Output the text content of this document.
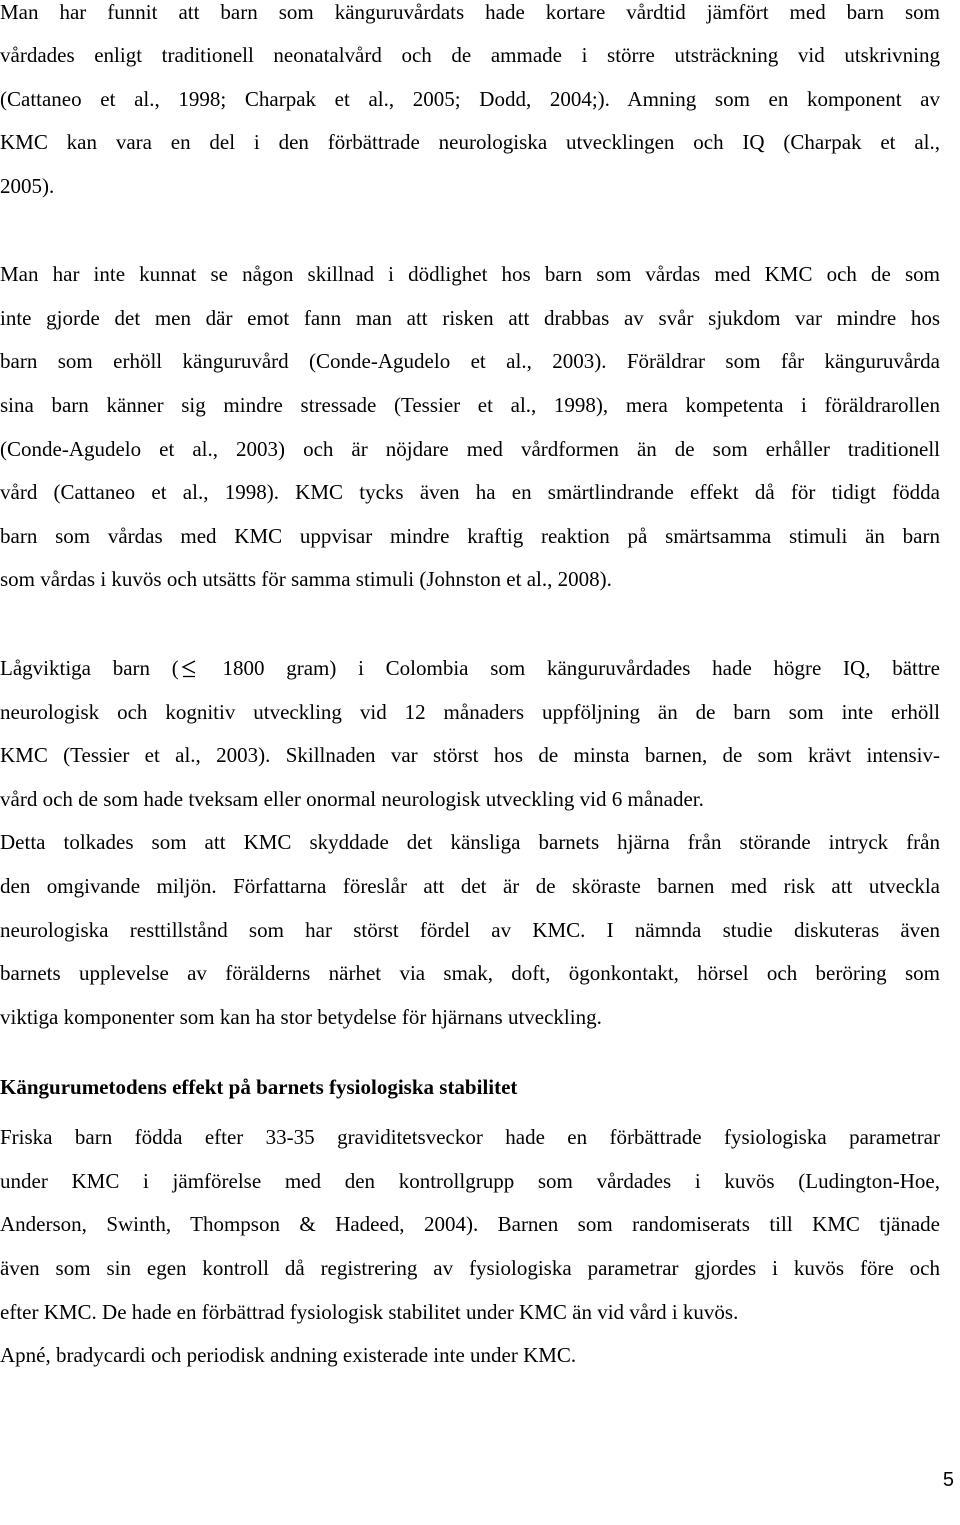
Man har funnit att barn som känguruvårdats hade kortare vårdtid jämfört med barn som

vårdades enligt traditionell neonatalvård och de ammade i större utsträckning vid utskrivning

(Cattaneo et al., 1998; Charpak et al., 2005; Dodd, 2004;). Amning som en komponent av

KMC kan vara en del i den förbättrade neurologiska utvecklingen och IQ (Charpak et al.,

2005).

Man har inte kunnat se någon skillnad i dödlighet hos barn som vårdas med KMC och de som

inte gjorde det men där emot fann man att risken att drabbas av svår sjukdom var mindre hos

barn som erhöll känguruvård (Conde-Agudelo et al., 2003). Föräldrar som får känguruvårda

sina barn känner sig mindre stressade (Tessier et al., 1998), mera kompetenta i föräldrarollen

(Conde-Agudelo et al., 2003) och är nöjdare med vårdformen än de som erhåller traditionell

vård (Cattaneo et al., 1998). KMC tycks även ha en smärtlindrande effekt då för tidigt födda

barn som vårdas med KMC uppvisar mindre kraftig reaktion på smärtsamma stimuli än barn

som vårdas i kuvös och utsätts för samma stimuli (Johnston et al., 2008).

Lågviktiga barn (
1800 gram) i Colombia som känguruvårdades hade högre IQ, bättre

neurologisk och kognitiv utveckling vid 12 månaders uppföljning än de barn som inte erhöll

KMC (Tessier et al., 2003). Skillnaden var störst hos de minsta barnen, de som krävt intensiv-

vård och de som hade tveksam eller onormal neurologisk utveckling vid 6 månader.

Detta tolkades som att KMC skyddade det känsliga barnets hjärna från störande intryck från

den omgivande miljön. Författarna föreslår att det är de sköraste barnen med risk att utveckla

neurologiska resttillstånd som har störst fördel av KMC. I nämnda studie diskuteras även

barnets upplevelse av förälderns närhet via smak, doft, ögonkontakt, hörsel och beröring som

viktiga komponenter som kan ha stor betydelse för hjärnans utveckling.

Kängurumetodens effekt på barnets fysiologiska stabilitet

Friska barn födda efter 33-35 graviditetsveckor hade en förbättrade fysiologiska parametrar

under KMC i jämförelse med den kontrollgrupp som vårdades i kuvös (Ludington-Hoe,

Anderson, Swinth, Thompson & Hadeed, 2004). Barnen som randomiserats till KMC tjänade

även som sin egen kontroll då registrering av fysiologiska parametrar gjordes i kuvös före och

efter KMC. De hade en förbättrad fysiologisk stabilitet under KMC än vid vård i kuvös.

Apné, bradycardi och periodisk andning existerade inte under KMC.

5
